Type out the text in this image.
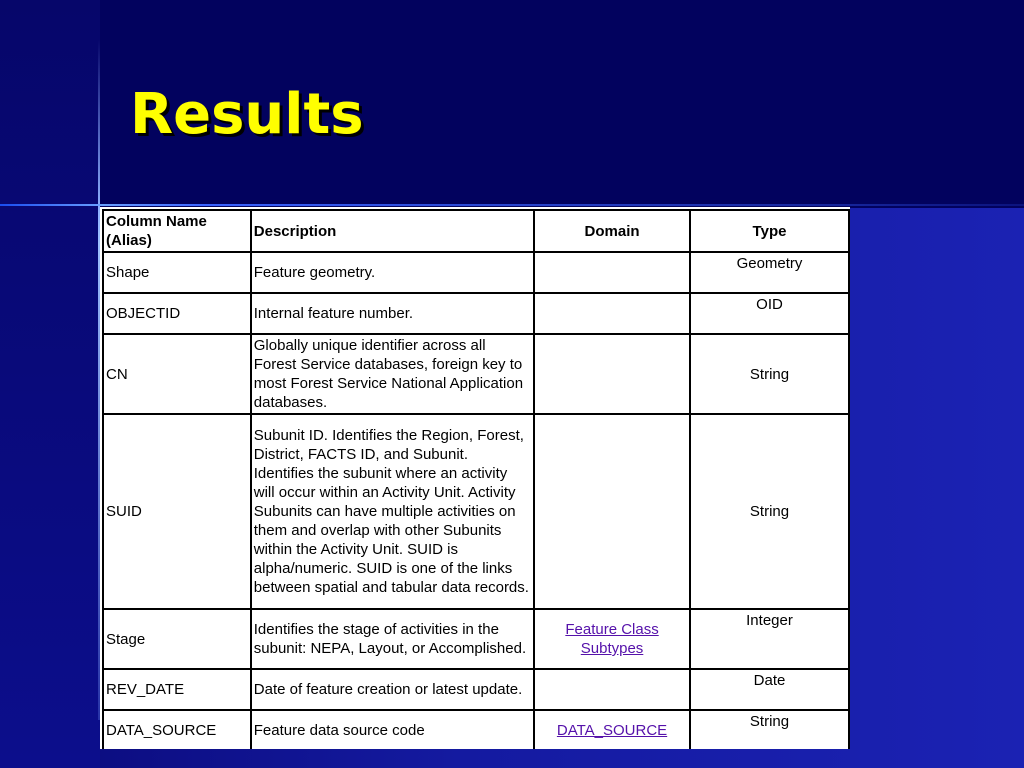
Results
Column Name (Alias)	Description	Domain	Type
Shape	Feature geometry.		Geometry
OBJECTID	Internal feature number.		OID
CN	Globally unique identifier across all Forest Service databases, foreign key to most Forest Service National Application databases.		String
SUID	Subunit ID. Identifies the Region, Forest, District, FACTS ID, and Subunit. Identifies the subunit where an activity will occur within an Activity Unit. Activity Subunits can have multiple activities on them and overlap with other Subunits within the Activity Unit. SUID is alpha/numeric. SUID is one of the links between spatial and tabular data records.		String
Stage	Identifies the stage of activities in the subunit: NEPA, Layout, or Accomplished.	Feature Class Subtypes	Integer
REV_DATE	Date of feature creation or latest update.		Date
DATA_SOURCE	Feature data source code	DATA_SOURCE	String
